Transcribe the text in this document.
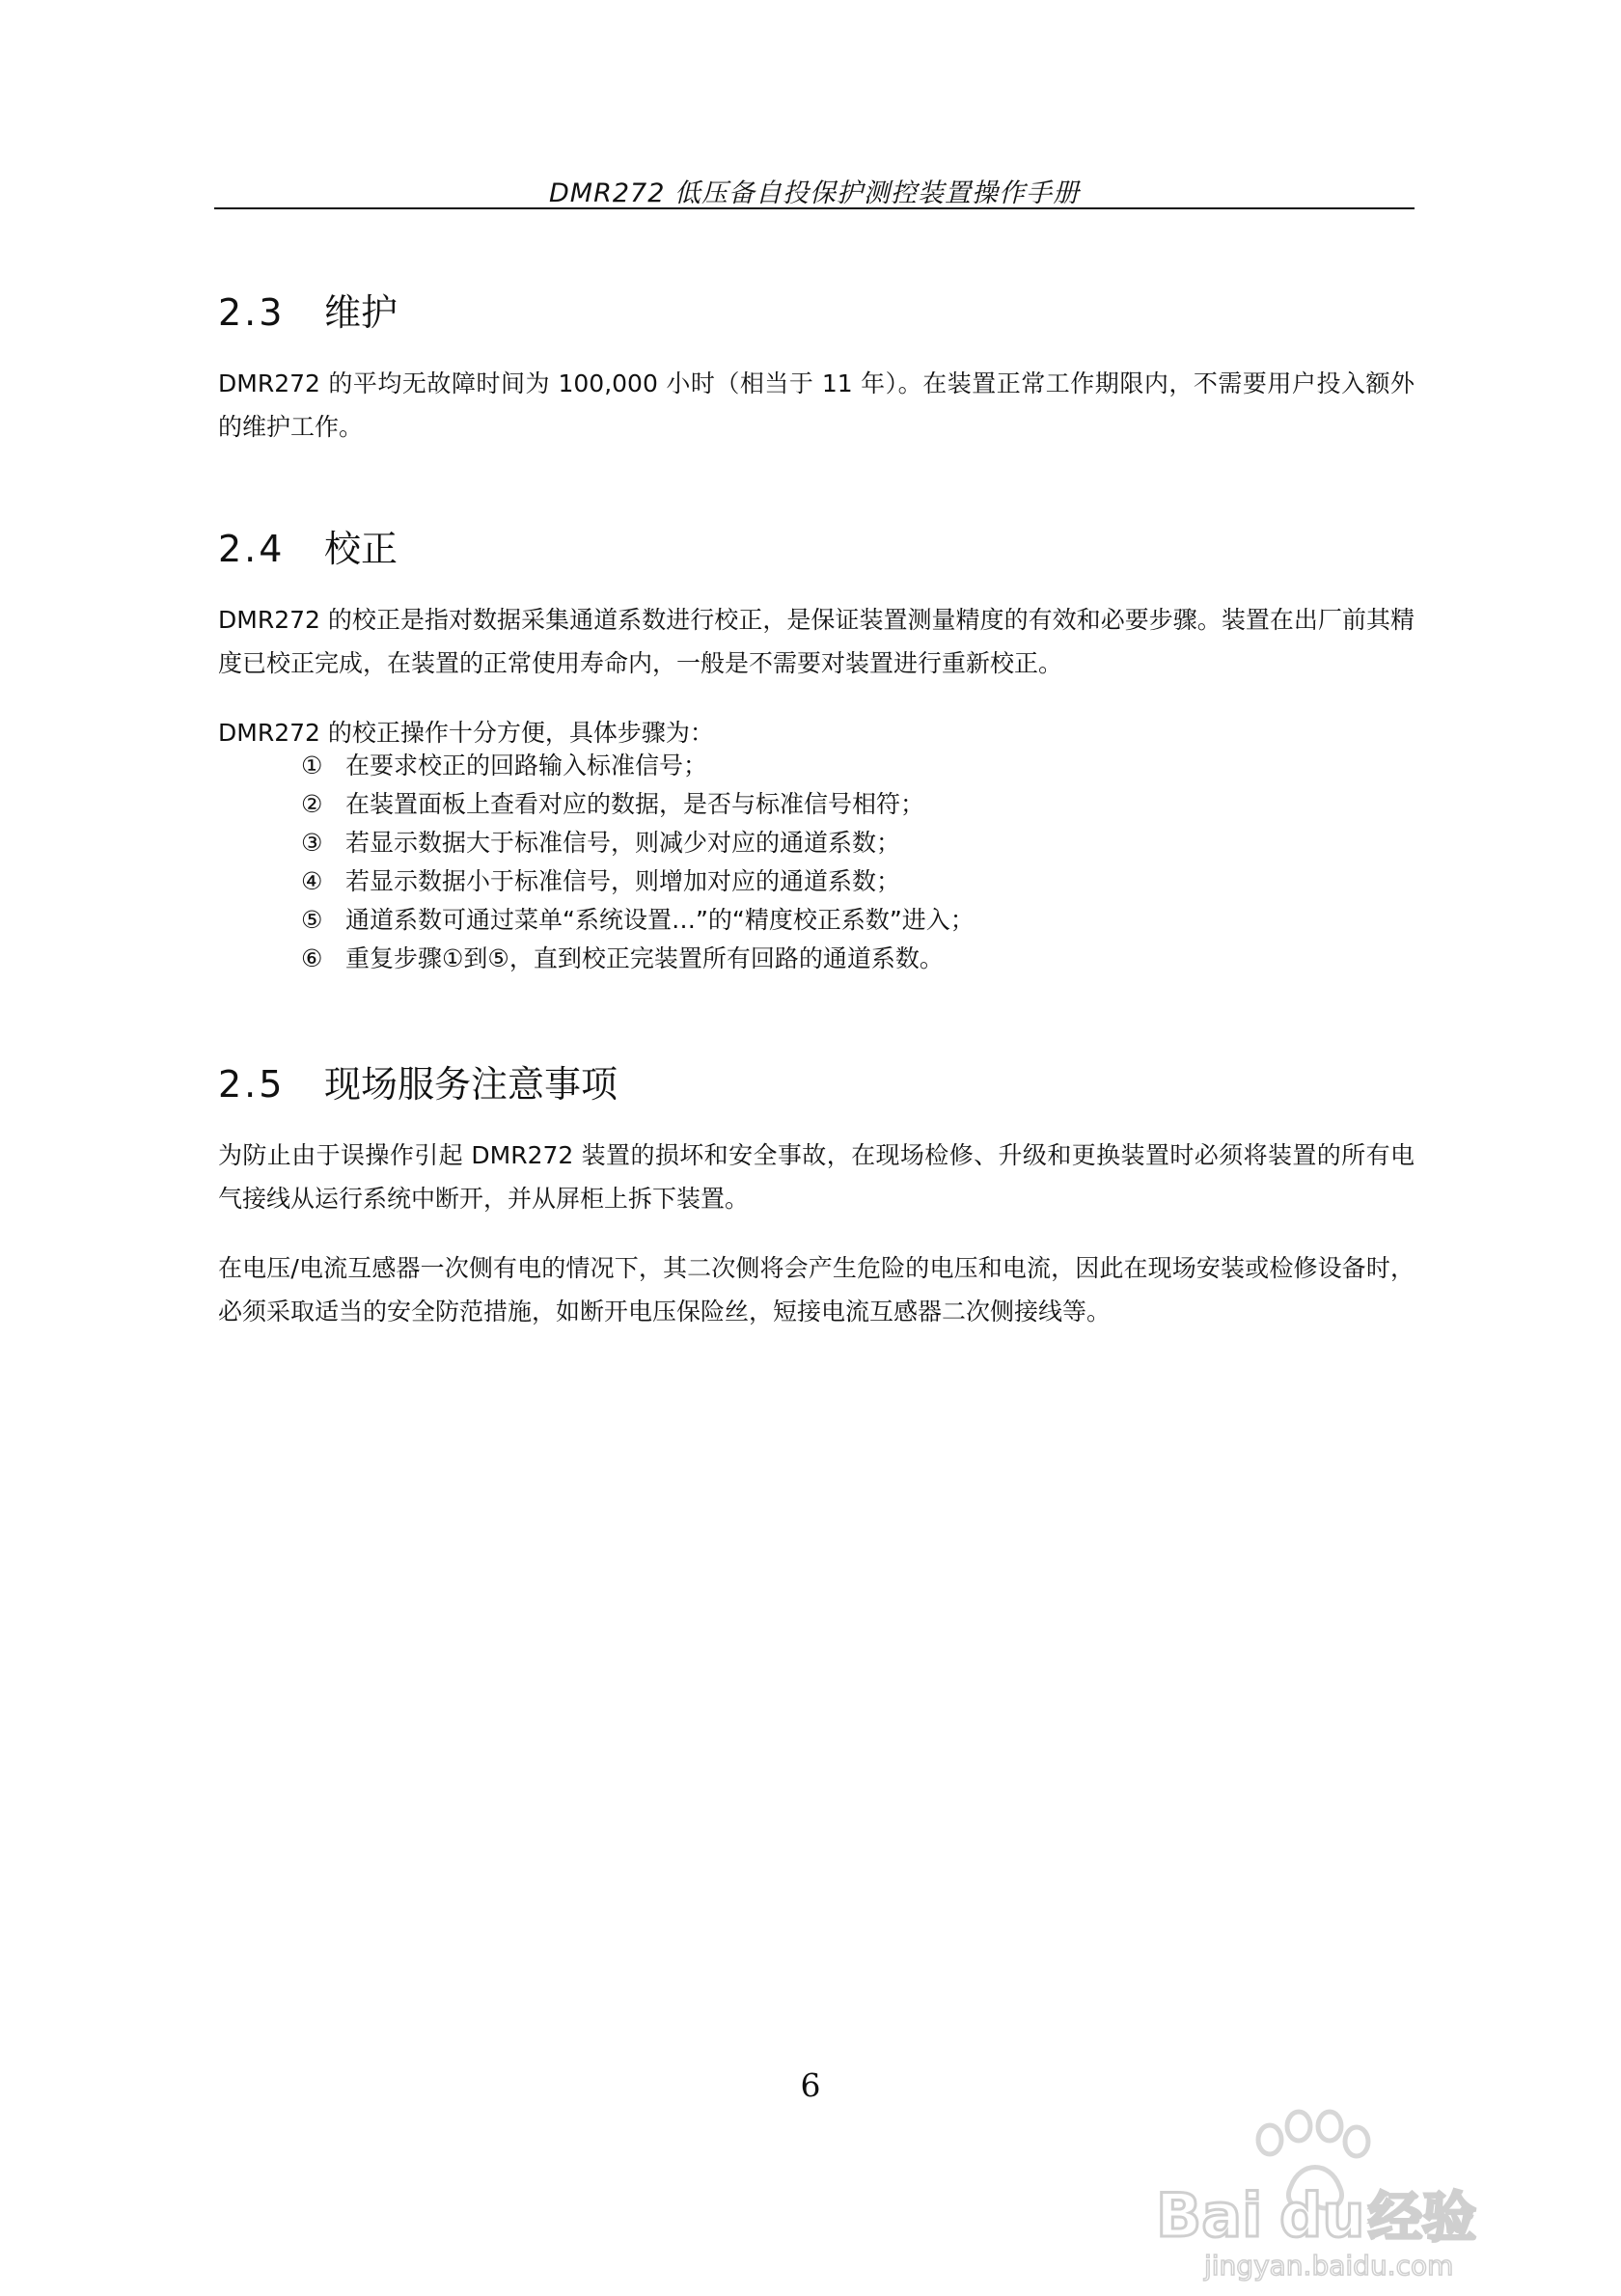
DMR272 低压备自投保护测控装置操作手册
2.3 维护

DMR272 的平均无故障时间为 100,000 小时（相当于 11 年）。在装置正常工作期限内，不需要用户投入额外的维护工作。

2.4 校正

DMR272 的校正是指对数据采集通道系数进行校正，是保证装置测量精度的有效和必要步骤。装置在出厂前其精度已校正完成，在装置的正常使用寿命内，一般是不需要对装置进行重新校正。

DMR272 的校正操作十分方便，具体步骤为：

① 在要求校正的回路输入标准信号；
② 在装置面板上查看对应的数据，是否与标准信号相符；
③ 若显示数据大于标准信号，则减少对应的通道系数；
④ 若显示数据小于标准信号，则增加对应的通道系数；
⑤ 通道系数可通过菜单“系统设置…”的“精度校正系数”进入；
⑥ 重复步骤①到⑤，直到校正完装置所有回路的通道系数。
2.5 现场服务注意事项

为防止由于误操作引起 DMR272 装置的损坏和安全事故，在现场检修、升级和更换装置时必须将装置的所有电气接线从运行系统中断开，并从屏柜上拆下装置。

在电压/电流互感器一次侧有电的情况下，其二次侧将会产生危险的电压和电流，因此在现场安装或检修设备时，必须采取适当的安全防范措施，如断开电压保险丝，短接电流互感器二次侧接线等。

6
Bai du 经验
jingyan.baidu.com
